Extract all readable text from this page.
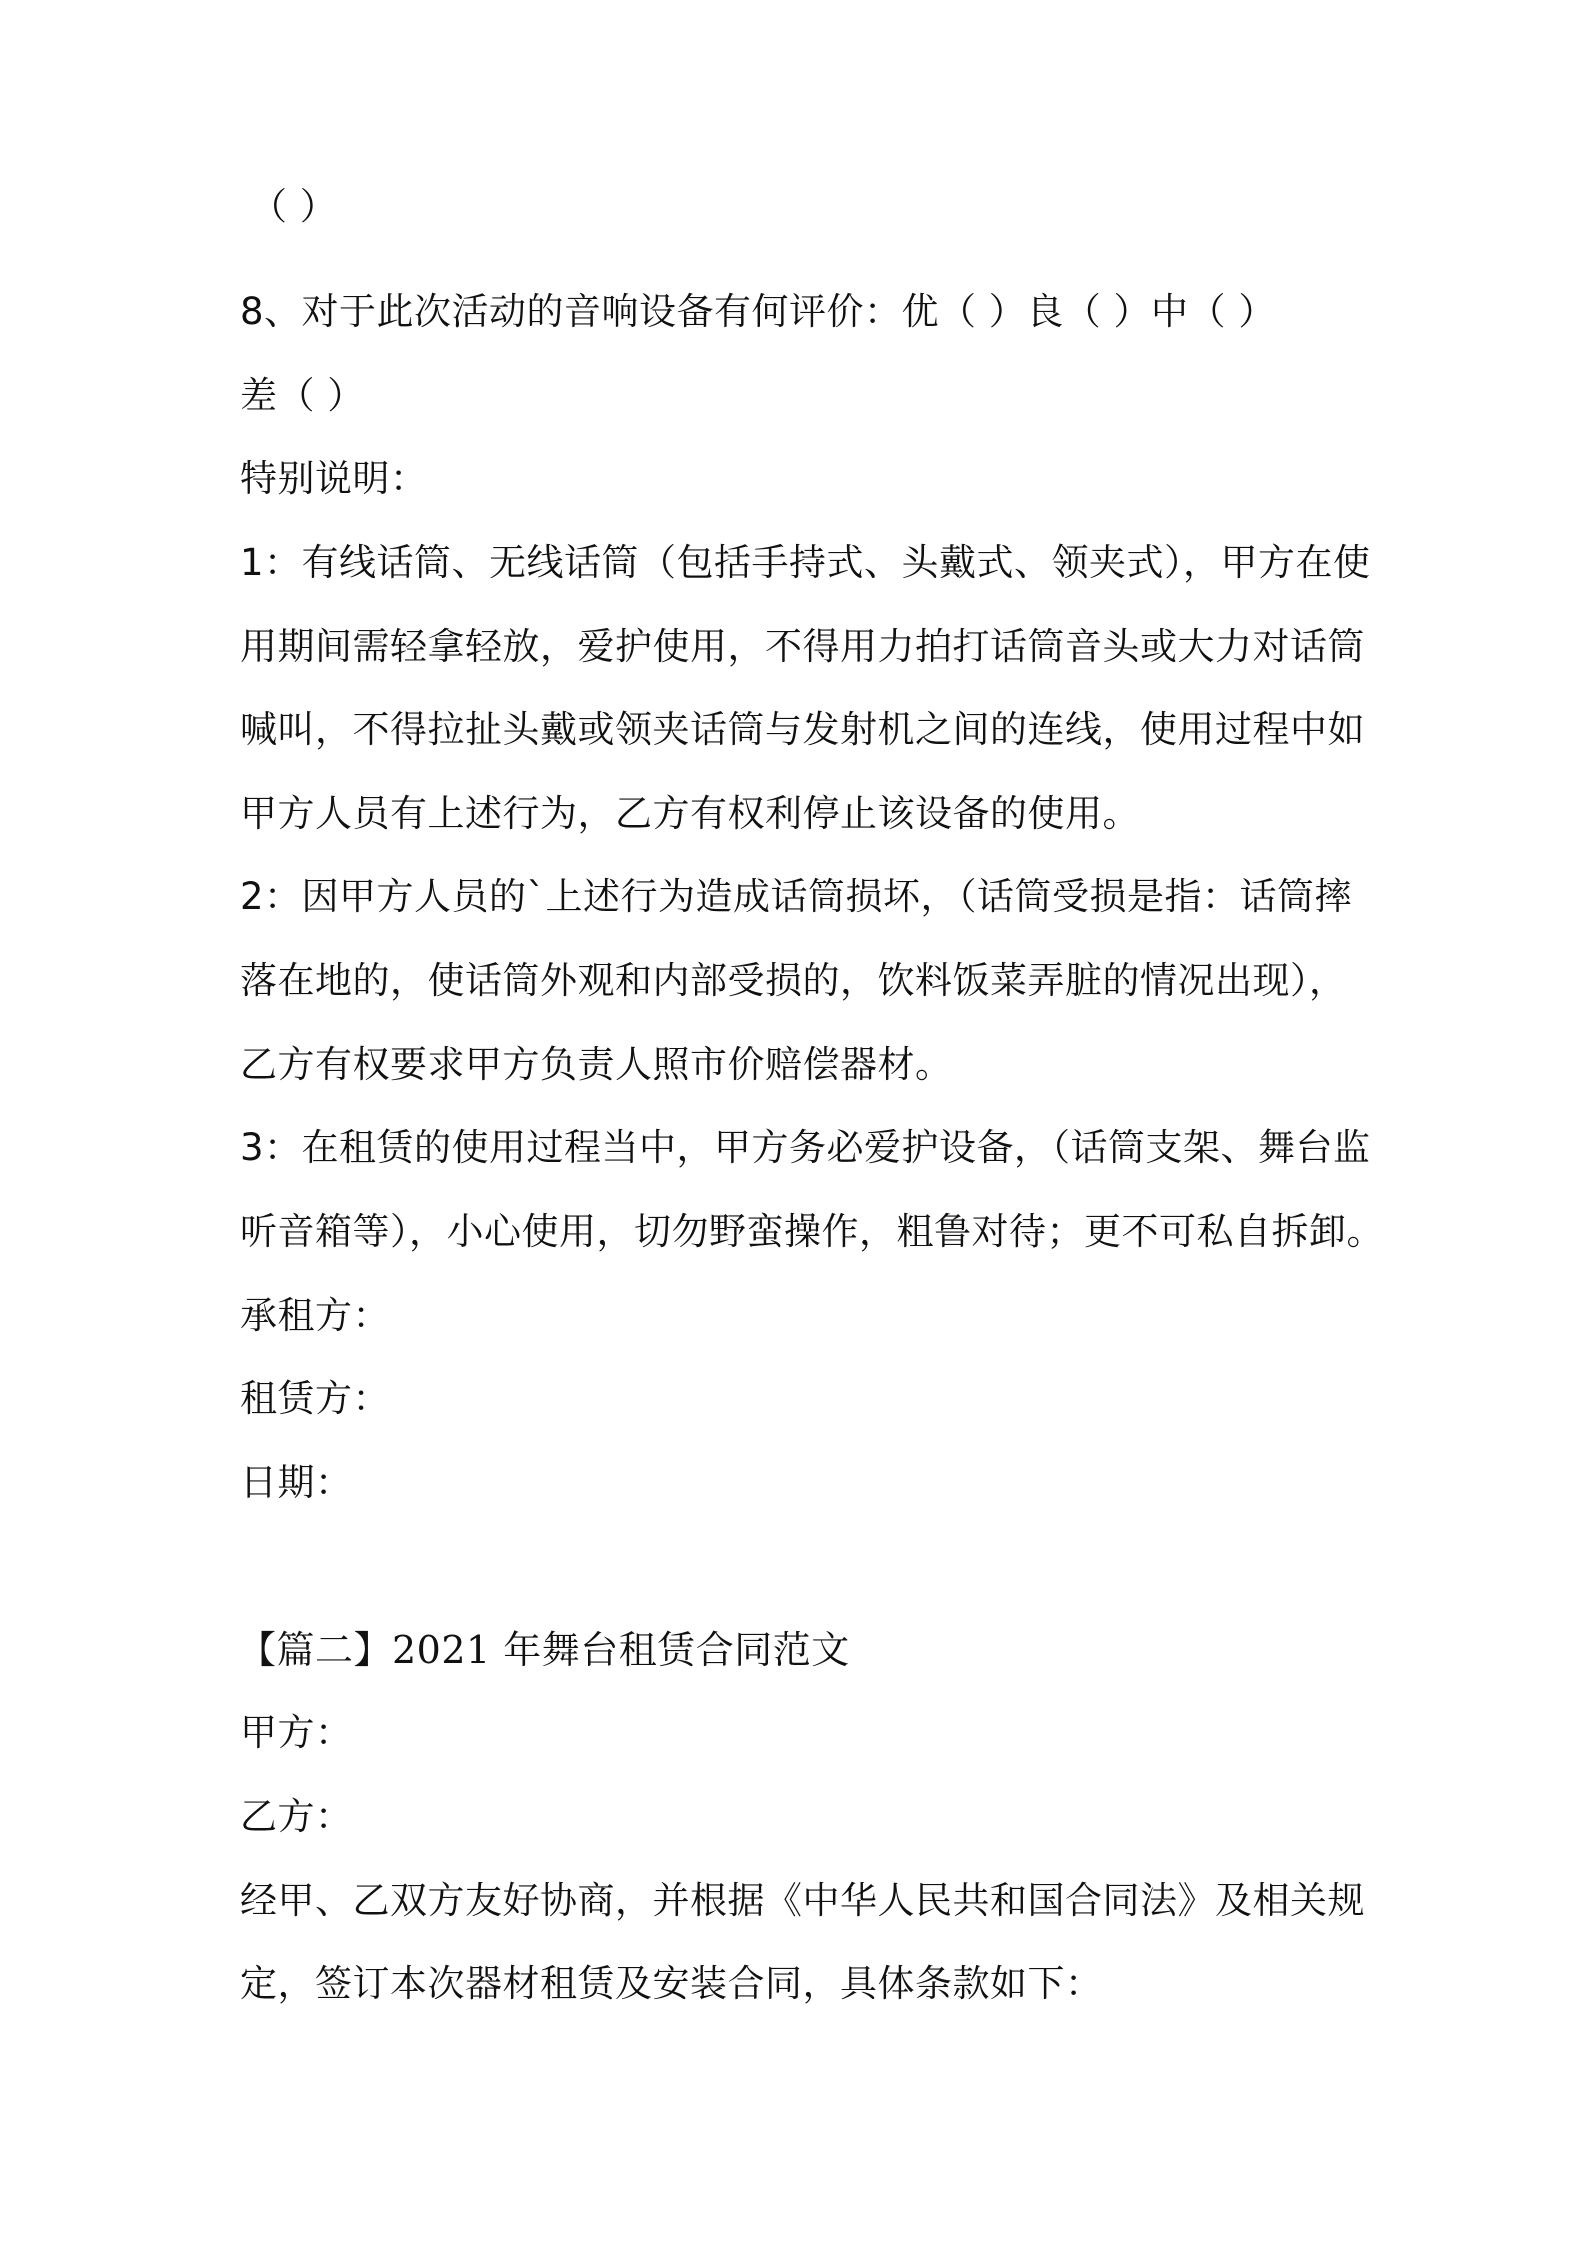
（ ）
8、对于此次活动的音响设备有何评价：优（ ）良（ ）中（ ）
差（ ）
特别说明：
1：有线话筒、无线话筒（包括手持式、头戴式、领夹式），甲方在使
用期间需轻拿轻放，爱护使用，不得用力拍打话筒音头或大力对话筒
喊叫，不得拉扯头戴或领夹话筒与发射机之间的连线，使用过程中如
甲方人员有上述行为，乙方有权利停止该设备的使用。
2：因甲方人员的`上述行为造成话筒损坏，（话筒受损是指：话筒摔
落在地的，使话筒外观和内部受损的，饮料饭菜弄脏的情况出现），
乙方有权要求甲方负责人照市价赔偿器材。
3：在租赁的使用过程当中，甲方务必爱护设备，（话筒支架、舞台监
听音箱等），小心使用，切勿野蛮操作，粗鲁对待；更不可私自拆卸。
承租方：
租赁方：
日期：
【篇二】2021 年舞台租赁合同范文
甲方：
乙方：
经甲、乙双方友好协商，并根据《中华人民共和国合同法》及相关规
定，签订本次器材租赁及安装合同，具体条款如下：
